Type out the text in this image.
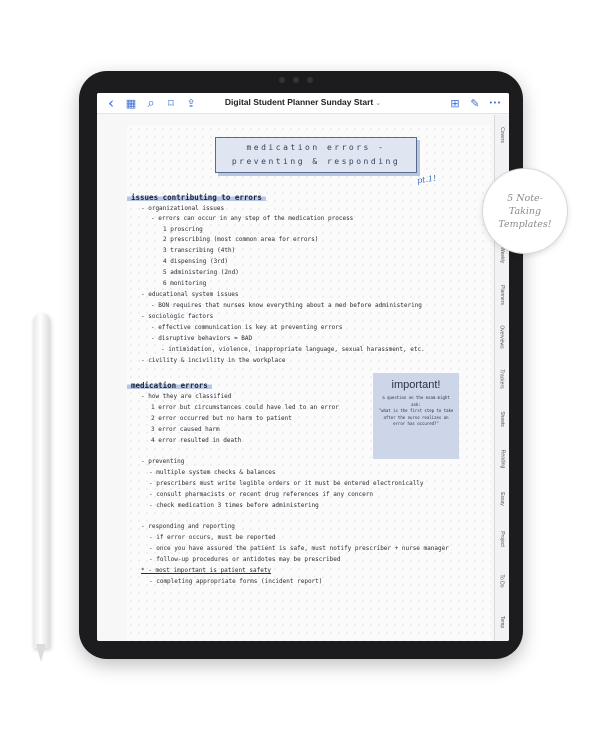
‹	▦ ⌕	⌑	⇪	Digital Student Planner Sunday Start ⌄	⊞ ✎	•••
Covers
Weekly
Planners
Overviews
Trackers
Sheets
Reading
Essay
Project
To Do
Temp
medication errors -
preventing & responding
pt.1!
issues contributing to errors
- organizational issues
- errors can occur in any step of the medication process
1 proscring
2 prescribing (most common area for errors)
3 transcribing (4th)
4 dispensing (3rd)
5 administering (2nd)
6 monitoring
- educational system issues
- BON requires that nurses know everything about a med before administering
- sociologic factors
- effective communication is key at preventing errors
- disruptive behaviors = BAD
- intimidation, violence, inappropriate language, sexual harassment, etc.
- civility & incivility in the workplace
medication errors
- how they are classified
1 error but circumstances could have led to an error
2 error occurred but no harm to patient
3 error caused harm
4 error resulted in death
- preventing
- multiple system checks & balances
- prescribers must write legible orders or it must be entered electronically
- consult pharmacists or recent drug references if any concern
- check medication 3 times before administering
- responding and reporting
- if error occurs, must be reported
- once you have assured the patient is safe, must notify prescriber + nurse manager
- follow-up procedures or antidotes may be prescribed
* - most important is patient safety
- completing appropriate forms (incident report)
important!
a question on the exam might ask:
"what is the first step to take after the nurse realizes an error has occured?"
5 Note-
Taking
Templates!
